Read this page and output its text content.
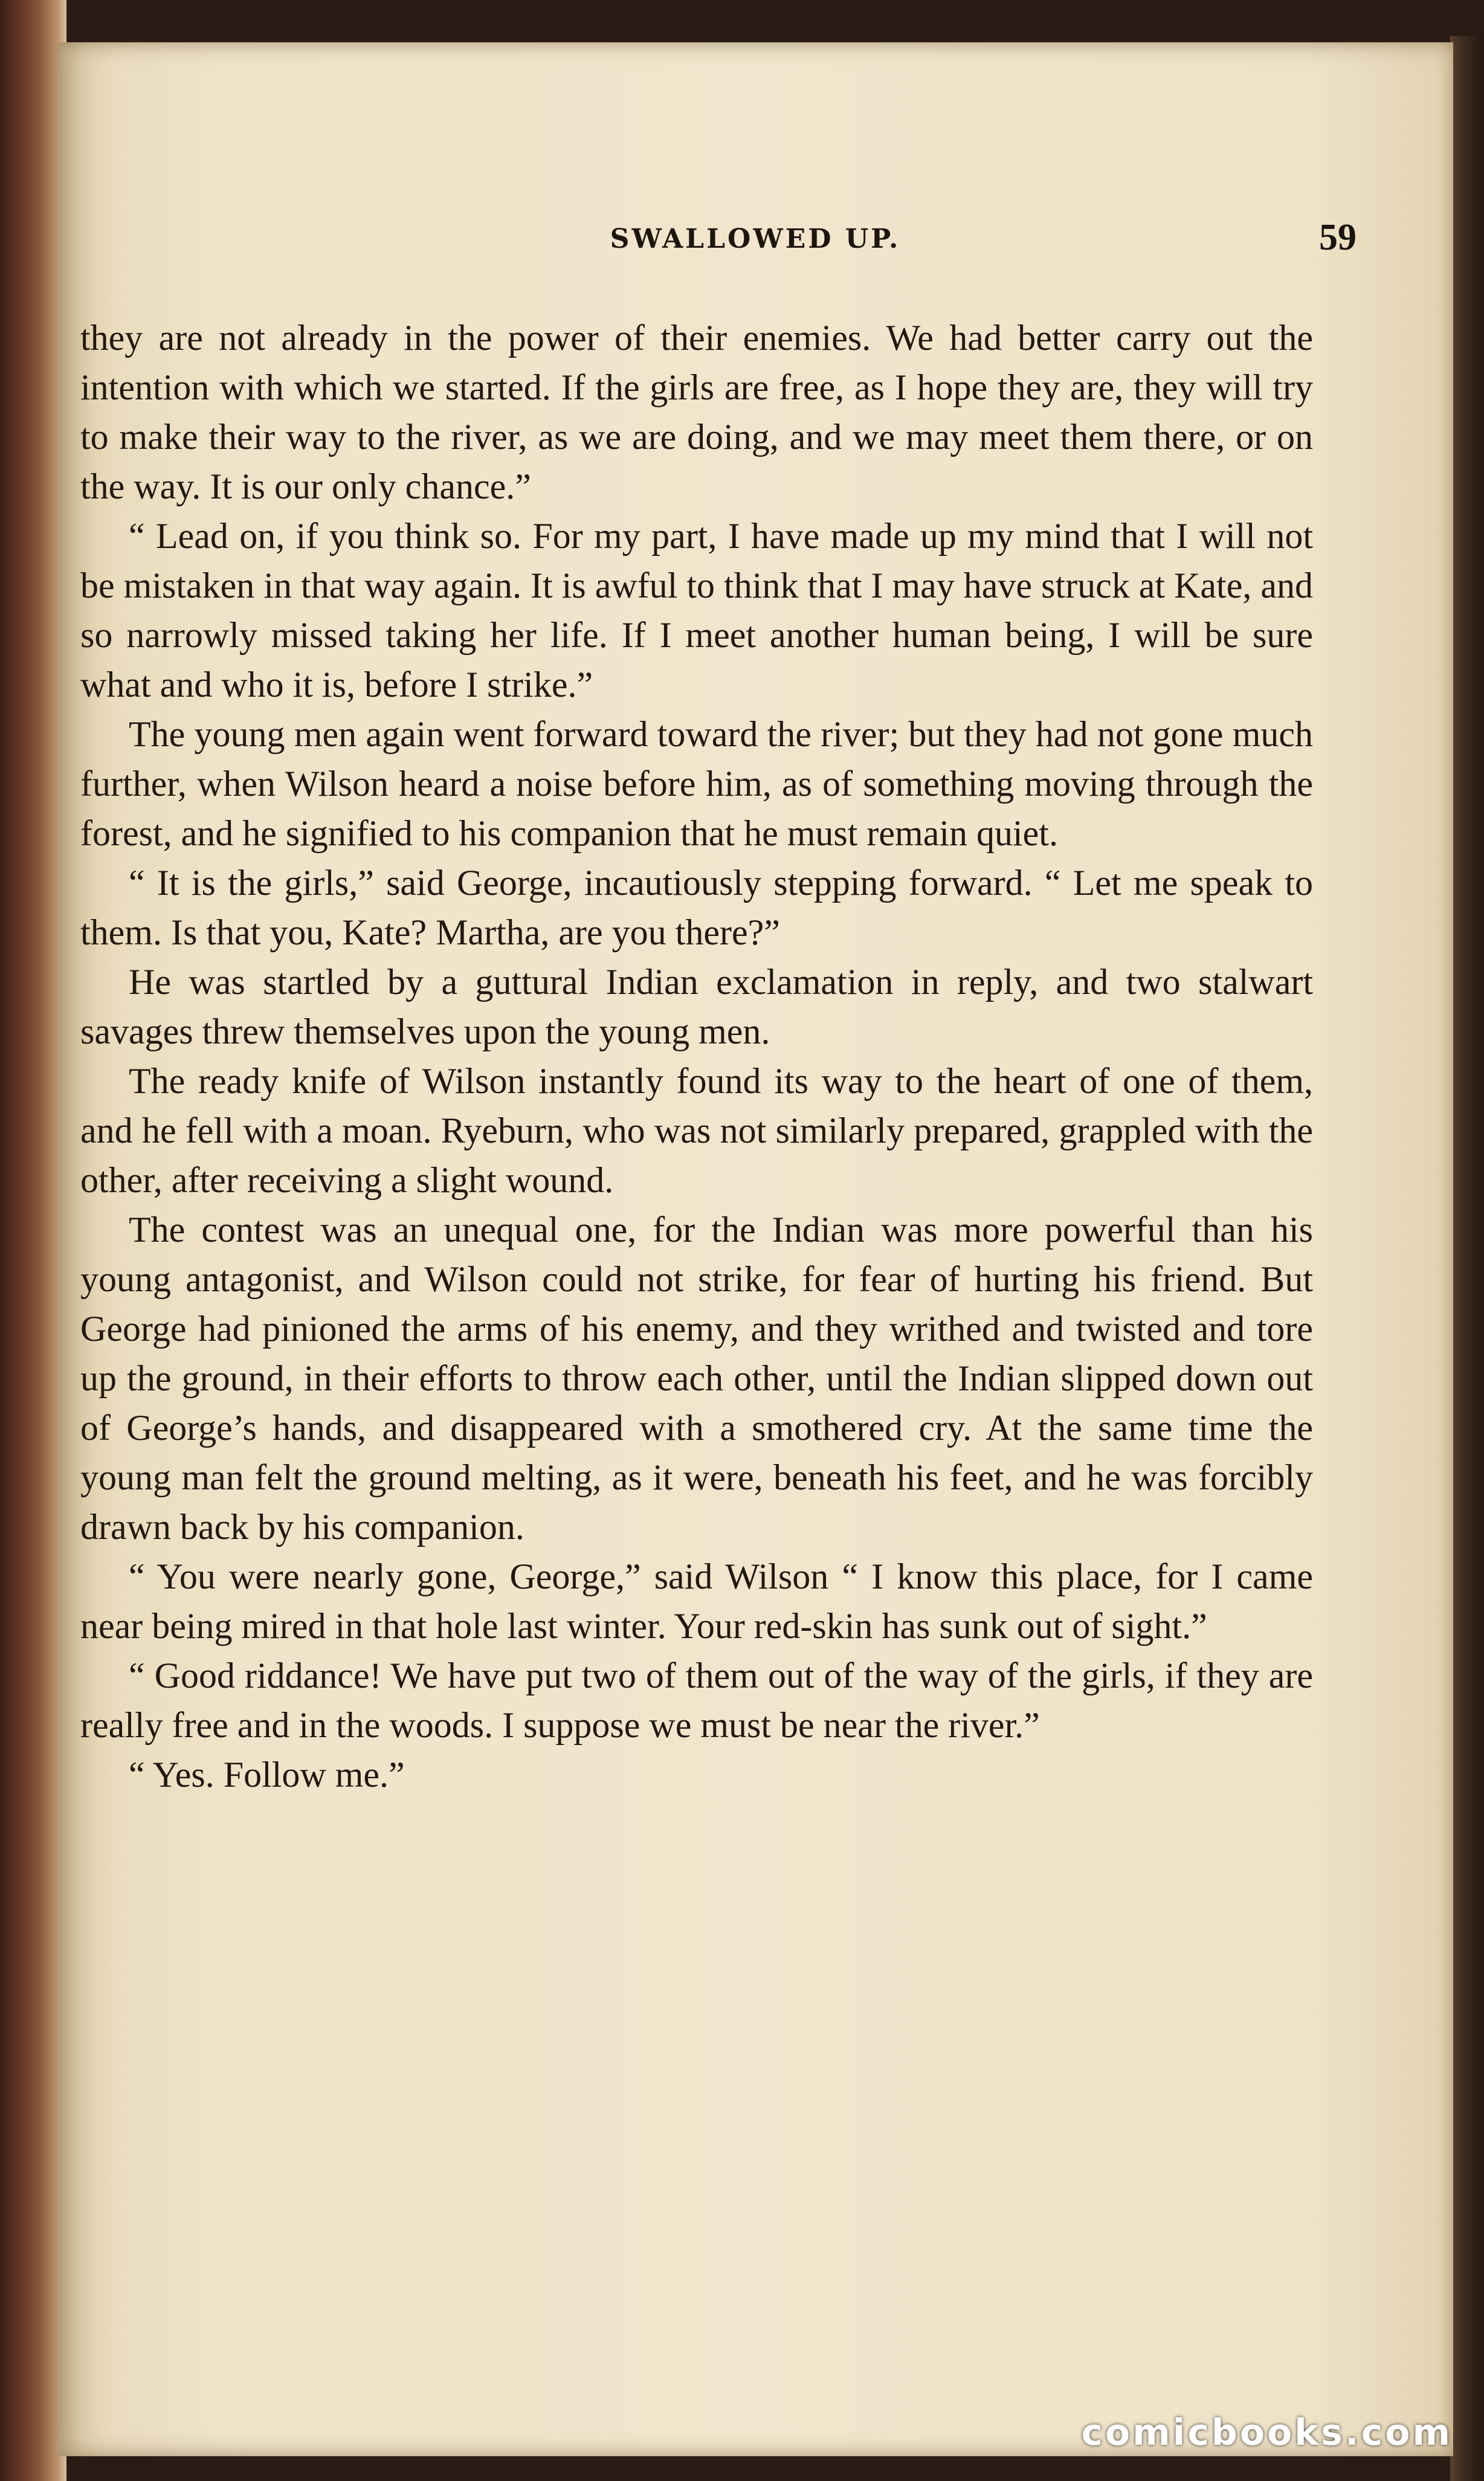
SWALLOWED UP.	59

they are not already in the power of their enemies. We had better carry out the intention with which we started. If the girls are free, as I hope they are, they will try to make their way to the river, as we are doing, and we may meet them there, or on the way. It is our only chance.”

“ Lead on, if you think so. For my part, I have made up my mind that I will not be mistaken in that way again. It is awful to think that I may have struck at Kate, and so narrowly missed taking her life. If I meet another human being, I will be sure what and who it is, before I strike.”

The young men again went forward toward the river; but they had not gone much further, when Wilson heard a noise before him, as of something moving through the forest, and he signified to his companion that he must remain quiet.

“ It is the girls,” said George, incautiously stepping forward. “ Let me speak to them. Is that you, Kate? Martha, are you there?”

He was startled by a guttural Indian exclamation in reply, and two stalwart savages threw themselves upon the young men.

The ready knife of Wilson instantly found its way to the heart of one of them, and he fell with a moan. Ryeburn, who was not similarly prepared, grappled with the other, after receiving a slight wound.

The contest was an unequal one, for the Indian was more powerful than his young antagonist, and Wilson could not strike, for fear of hurting his friend. But George had pinioned the arms of his enemy, and they writhed and twisted and tore up the ground, in their efforts to throw each other, until the Indian slipped down out of George’s hands, and disappeared with a smothered cry. At the same time the young man felt the ground melting, as it were, beneath his feet, and he was forcibly drawn back by his companion.

“ You were nearly gone, George,” said Wilson “ I know this place, for I came near being mired in that hole last winter. Your red-skin has sunk out of sight.”

“ Good riddance! We have put two of them out of the way of the girls, if they are really free and in the woods. I suppose we must be near the river.”

“ Yes. Follow me.”

comicbooks.com
